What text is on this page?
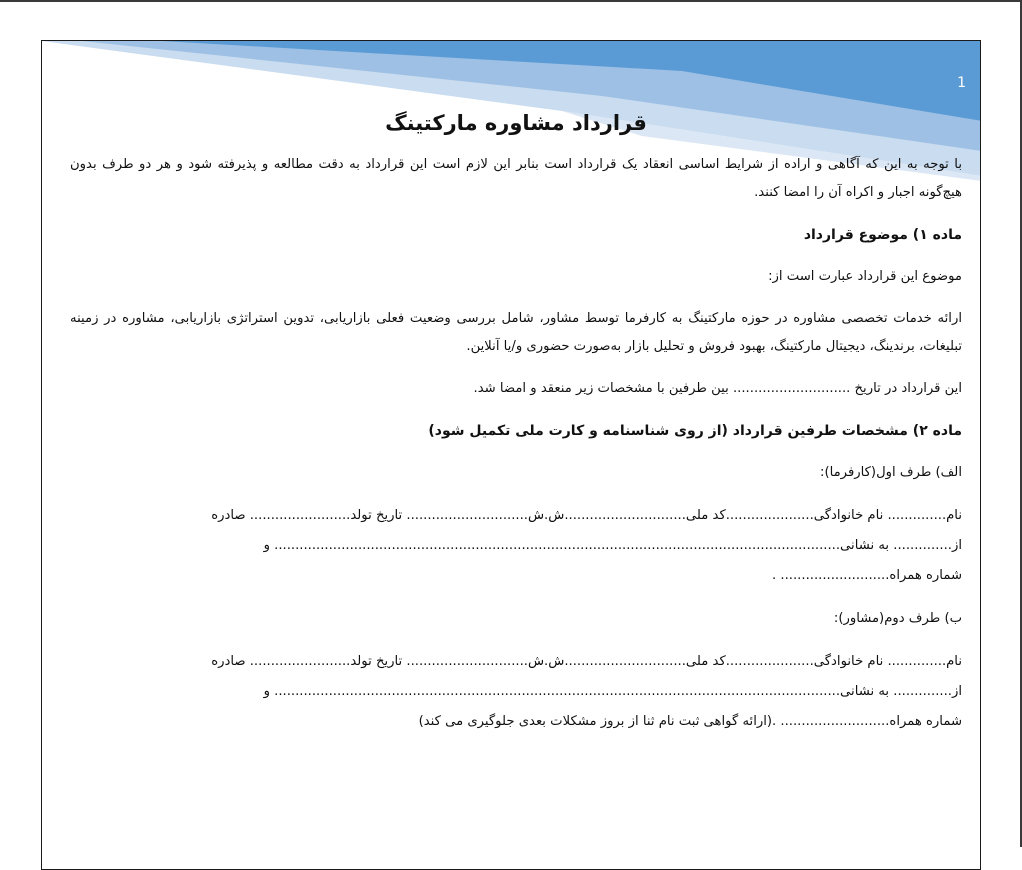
1
قرارداد مشاوره مارکتینگ

با توجه به این که آگاهی و اراده از شرایط اساسی انعقاد یک قرارداد است بنابر این لازم است این قرارداد به دقت مطالعه و پذیرفته شود و هر دو طرف بدون هیچ‌گونه اجبار و اکراه آن را امضا کنند.

ماده ۱) موضوع قرارداد

موضوع این قرارداد عبارت است از:

ارائه خدمات تخصصی مشاوره در حوزه مارکتینگ به کارفرما توسط مشاور، شامل بررسی وضعیت فعلی بازاریابی، تدوین استراتژی بازاریابی، مشاوره در زمینه تبلیغات، برندینگ، دیجیتال مارکتینگ، بهبود فروش و تحلیل بازار به‌صورت حضوری و/یا آنلاین.

این قرارداد در تاریخ ............................ بین طرفین با مشخصات زیر منعقد و امضا شد.

ماده ۲) مشخصات طرفین قرارداد (از روی شناسنامه و کارت ملی تکمیل شود)

الف) طرف اول(کارفرما):

نام.............. نام خانوادگی.....................کد ملی.............................ش.ش............................. تاریخ تولد........................ صادره

از.............. به نشانی....................................................................................................................................... و

شماره همراه.......................... .

ب) طرف دوم(مشاور):

نام.............. نام خانوادگی.....................کد ملی.............................ش.ش............................. تاریخ تولد........................ صادره

از.............. به نشانی....................................................................................................................................... و

شماره همراه.......................... .(ارائه گواهی ثبت نام ثنا از بروز مشکلات بعدی جلوگیری می کند)
